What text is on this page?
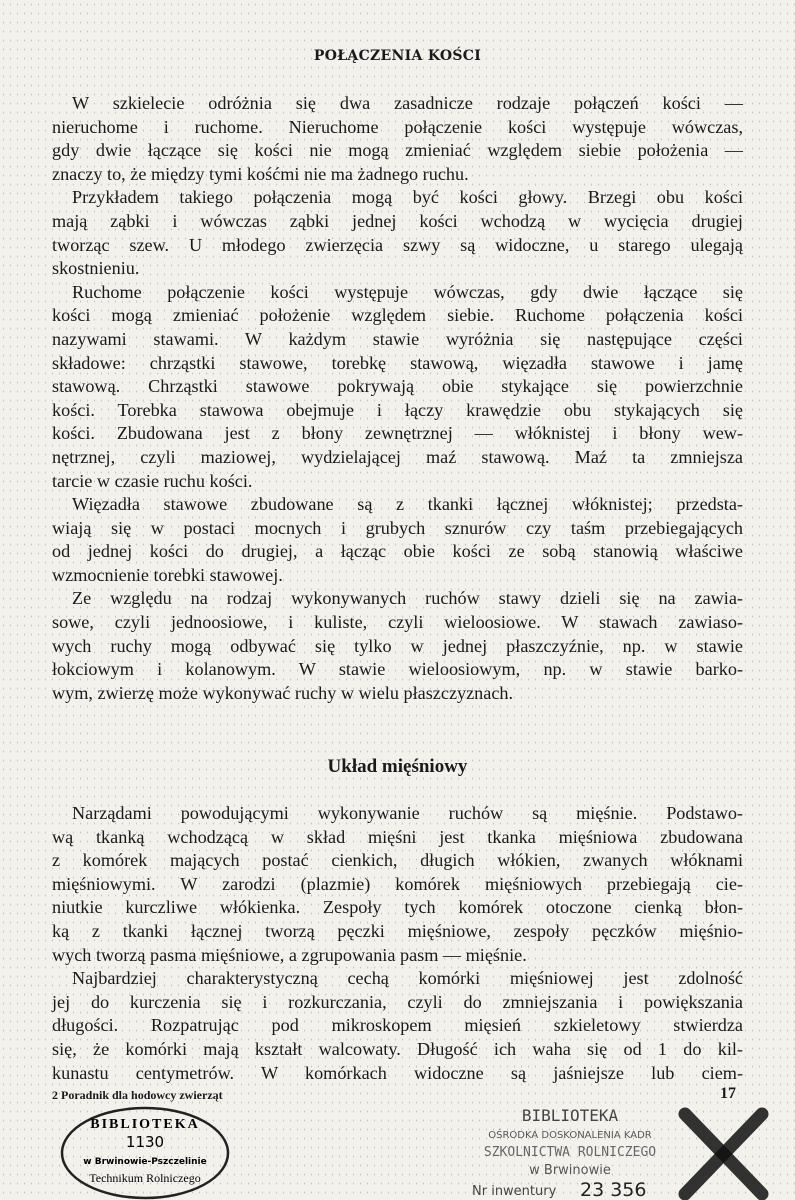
POŁĄCZENIA KOŚCI
W szkielecie odróżnia się dwa zasadnicze rodzaje połączeń kości —
nieruchome i ruchome. Nieruchome połączenie kości występuje wówczas,
gdy dwie łączące się kości nie mogą zmieniać względem siebie położenia —
znaczy to, że między tymi kośćmi nie ma żadnego ruchu.
Przykładem takiego połączenia mogą być kości głowy. Brzegi obu kości
mają ząbki i wówczas ząbki jednej kości wchodzą w wycięcia drugiej
tworząc szew. U młodego zwierzęcia szwy są widoczne, u starego ulegają
skostnieniu.
Ruchome połączenie kości występuje wówczas, gdy dwie łączące się
kości mogą zmieniać położenie względem siebie. Ruchome połączenia kości
nazywami stawami. W każdym stawie wyróżnia się następujące części
składowe: chrząstki stawowe, torebkę stawową, więzadła stawowe i jamę
stawową. Chrząstki stawowe pokrywają obie stykające się powierzchnie
kości. Torebka stawowa obejmuje i łączy krawędzie obu stykających się
kości. Zbudowana jest z błony zewnętrznej — włóknistej i błony wew-
nętrznej, czyli maziowej, wydzielającej maź stawową. Maź ta zmniejsza
tarcie w czasie ruchu kości.
Więzadła stawowe zbudowane są z tkanki łącznej włóknistej; przedsta-
wiają się w postaci mocnych i grubych sznurów czy taśm przebiegających
od jednej kości do drugiej, a łącząc obie kości ze sobą stanowią właściwe
wzmocnienie torebki stawowej.
Ze względu na rodzaj wykonywanych ruchów stawy dzieli się na zawia-
sowe, czyli jednoosiowe, i kuliste, czyli wieloosiowe. W stawach zawiaso-
wych ruchy mogą odbywać się tylko w jednej płaszczyźnie, np. w stawie
łokciowym i kolanowym. W stawie wieloosiowym, np. w stawie barko-
wym, zwierzę może wykonywać ruchy w wielu płaszczyznach.
Układ mięśniowy
Narządami powodującymi wykonywanie ruchów są mięśnie. Podstawo-
wą tkanką wchodzącą w skład mięśni jest tkanka mięśniowa zbudowana
z komórek mających postać cienkich, długich włókien, zwanych włóknami
mięśniowymi. W zarodzi (plazmie) komórek mięśniowych przebiegają cie-
niutkie kurczliwe włókienka. Zespoły tych komórek otoczone cienką błon-
ką z tkanki łącznej tworzą pęczki mięśniowe, zespoły pęczków mięśnio-
wych tworzą pasma mięśniowe, a zgrupowania pasm — mięśnie.
Najbardziej charakterystyczną cechą komórki mięśniowej jest zdolność
jej do kurczenia się i rozkurczania, czyli do zmniejszania i powiększania
długości. Rozpatrując pod mikroskopem mięsień szkieletowy stwierdza
się, że komórki mają kształt walcowaty. Długość ich waha się od 1 do kil-
kunastu centymetrów. W komórkach widoczne są jaśniejsze lub ciem-
2 Poradnik dla hodowcy zwierząt	17
BIBLIOTEKA
1130
w Brwinowie-Pszczelinie
Technikum Rolniczego
BIBLIOTEKA
OŚRODKA DOSKONALENIA KADR
SZKOLNICTWA ROLNICZEGO
w Brwinowie
Nr inwentury 23 356
